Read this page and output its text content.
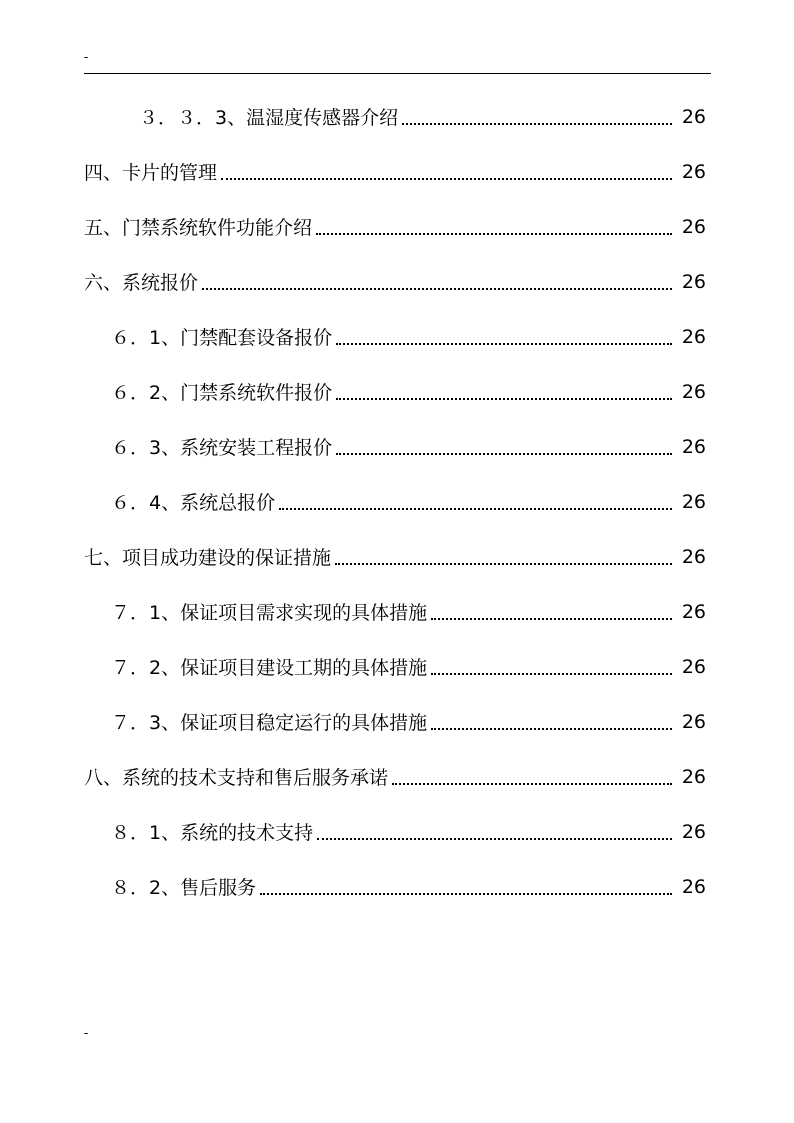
-
３．３．3、温湿度传感器介绍	26
四、卡片的管理	26
五、门禁系统软件功能介绍	26
六、系统报价	26
６．1、门禁配套设备报价	26
６．2、门禁系统软件报价	26
６．3、系统安装工程报价	26
６．4、系统总报价	26
七、项目成功建设的保证措施	26
７．1、保证项目需求实现的具体措施	26
７．2、保证项目建设工期的具体措施	26
７．3、保证项目稳定运行的具体措施	26
八、系统的技术支持和售后服务承诺	26
８．1、系统的技术支持	26
８．2、售后服务	26
-
